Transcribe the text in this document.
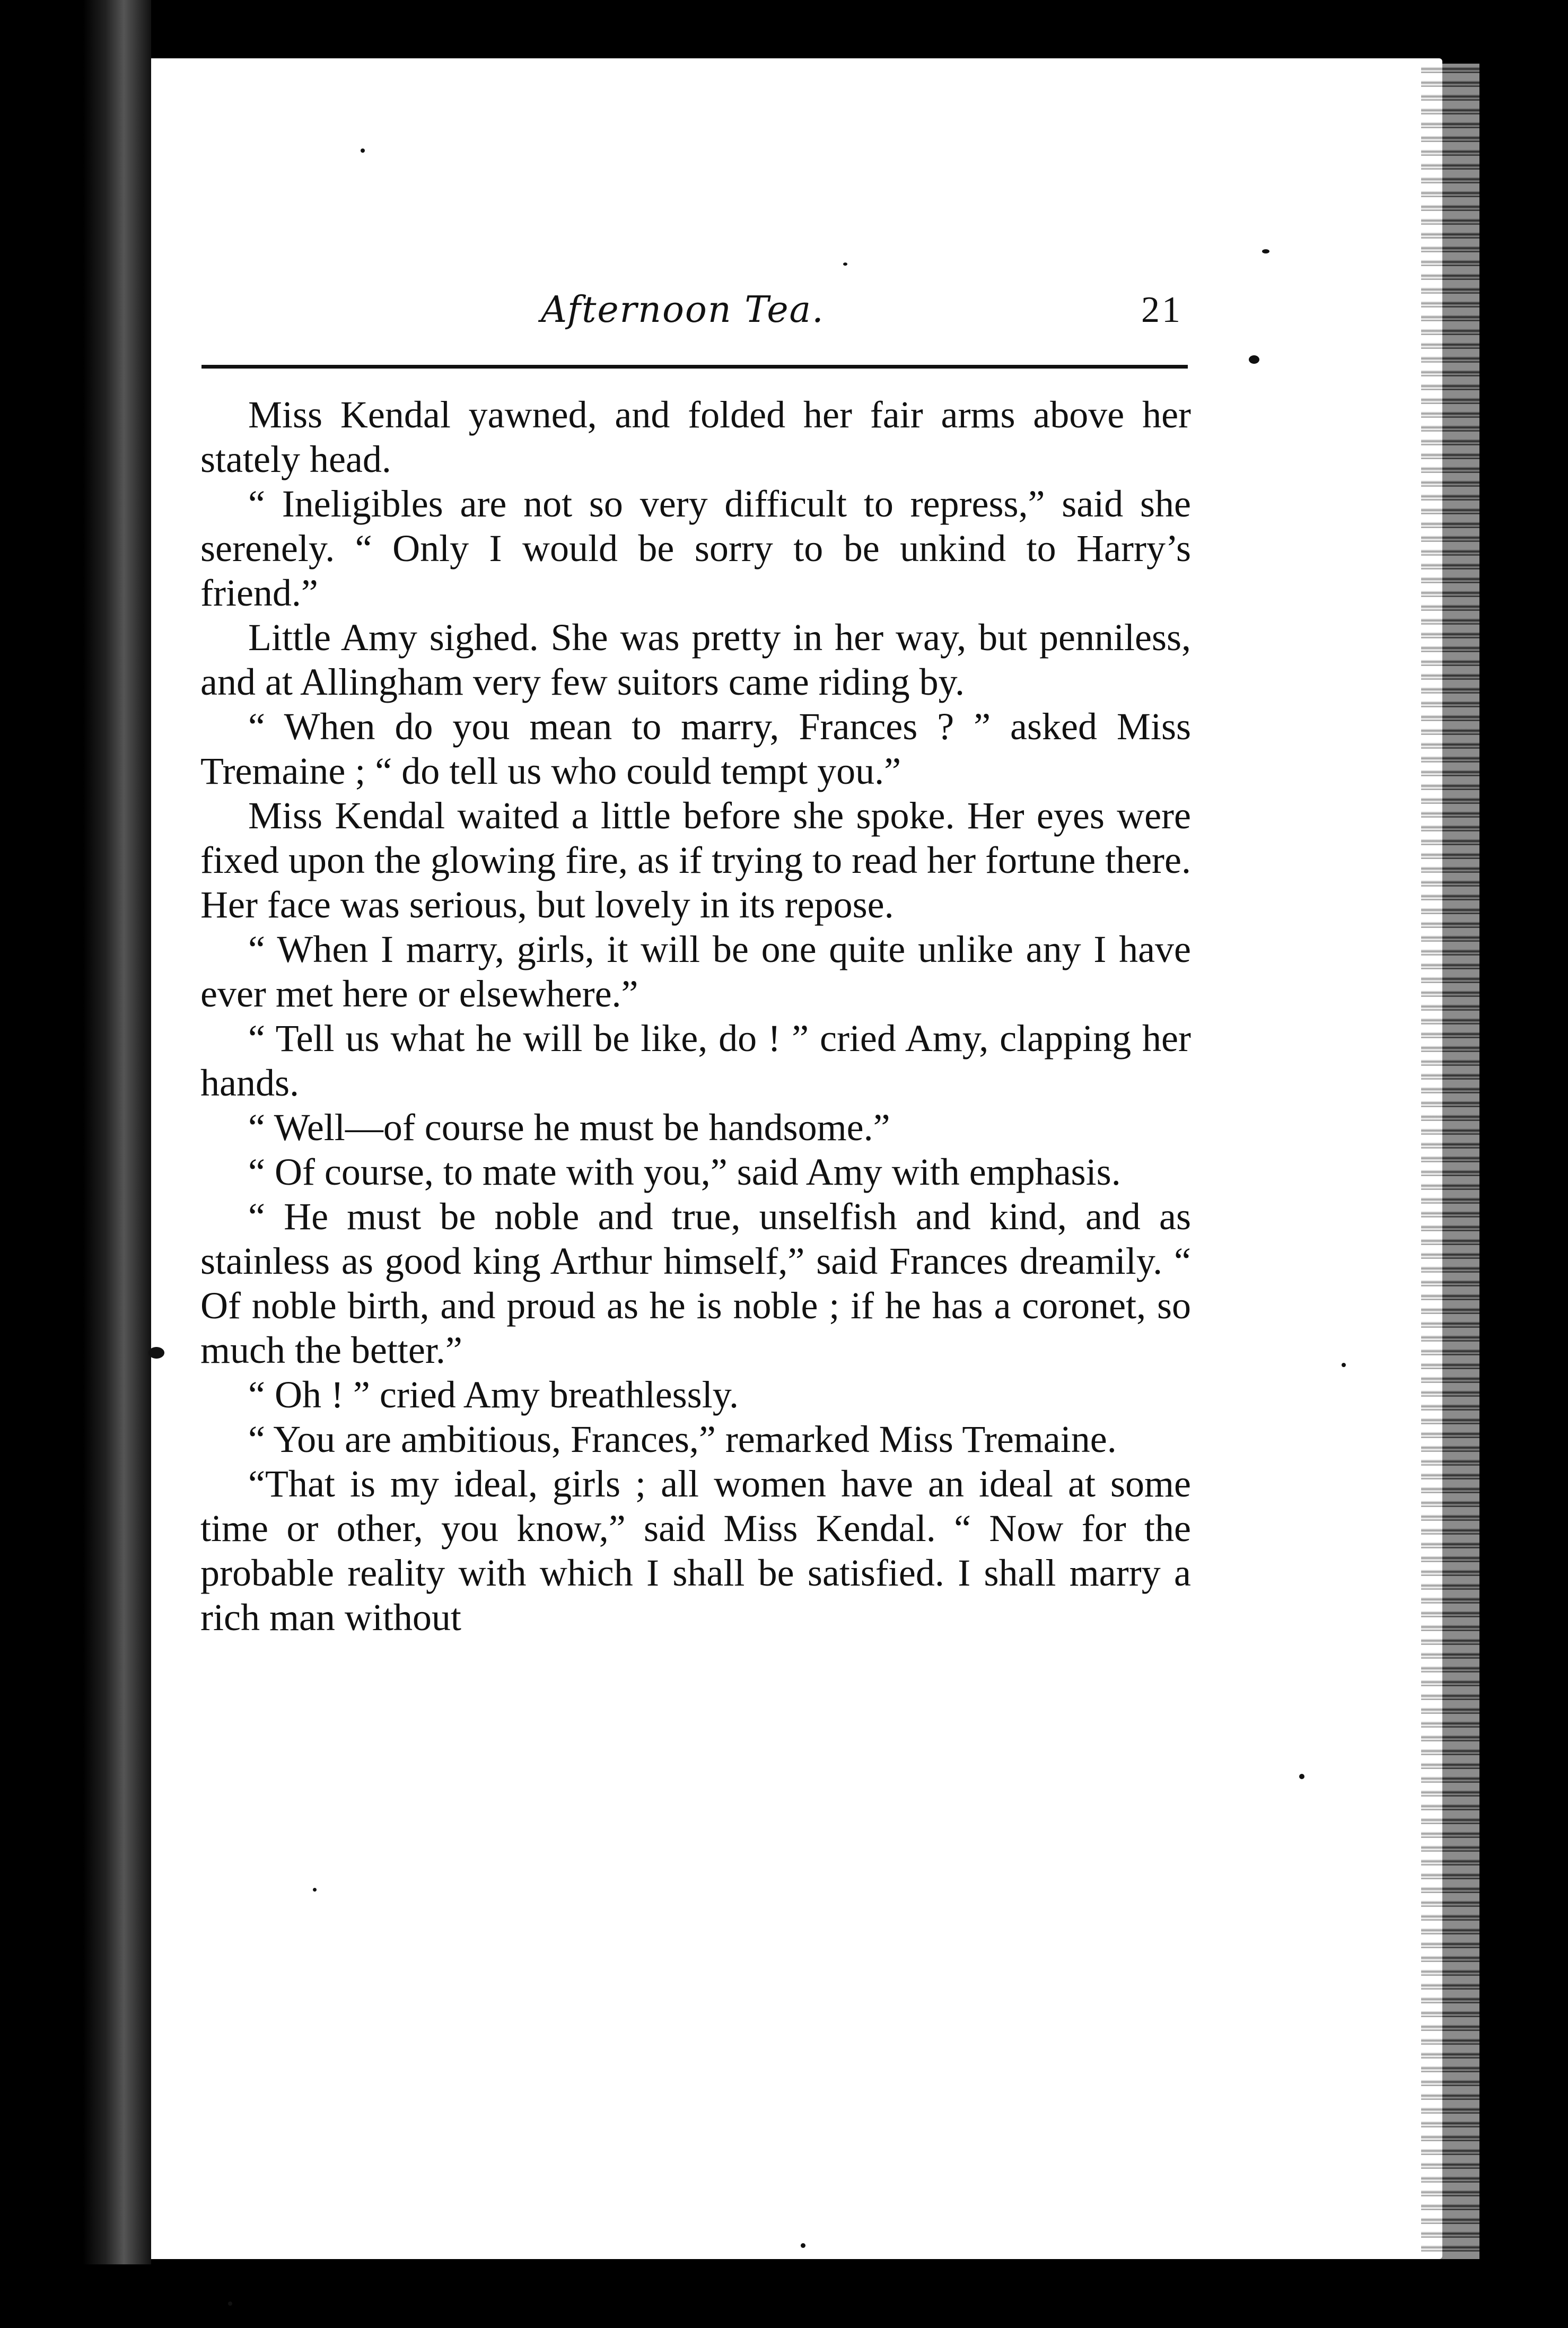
Afternoon Tea.	21

Miss Kendal yawned, and folded her fair arms above her stately head.

“ Ineligibles are not so very difficult to repress,” said she serenely. “ Only I would be sorry to be unkind to Harry’s friend.”

Little Amy sighed. She was pretty in her way, but penniless, and at Allingham very few suitors came riding by.

“ When do you mean to marry, Frances ? ” asked Miss Tremaine ; “ do tell us who could tempt you.”

Miss Kendal waited a little before she spoke. Her eyes were fixed upon the glowing fire, as if trying to read her fortune there. Her face was serious, but lovely in its repose.

“ When I marry, girls, it will be one quite unlike any I have ever met here or elsewhere.”

“ Tell us what he will be like, do ! ” cried Amy, clapping her hands.

“ Well—of course he must be handsome.”

“ Of course, to mate with you,” said Amy with emphasis.

“ He must be noble and true, unselfish and kind, and as stainless as good king Arthur himself,” said Frances dreamily. “ Of noble birth, and proud as he is noble ; if he has a coronet, so much the better.”

“ Oh ! ” cried Amy breathlessly.

“ You are ambitious, Frances,” remarked Miss Tremaine.

“That is my ideal, girls ; all women have an ideal at some time or other, you know,” said Miss Kendal. “ Now for the probable reality with which I shall be satisfied. I shall marry a rich man without
